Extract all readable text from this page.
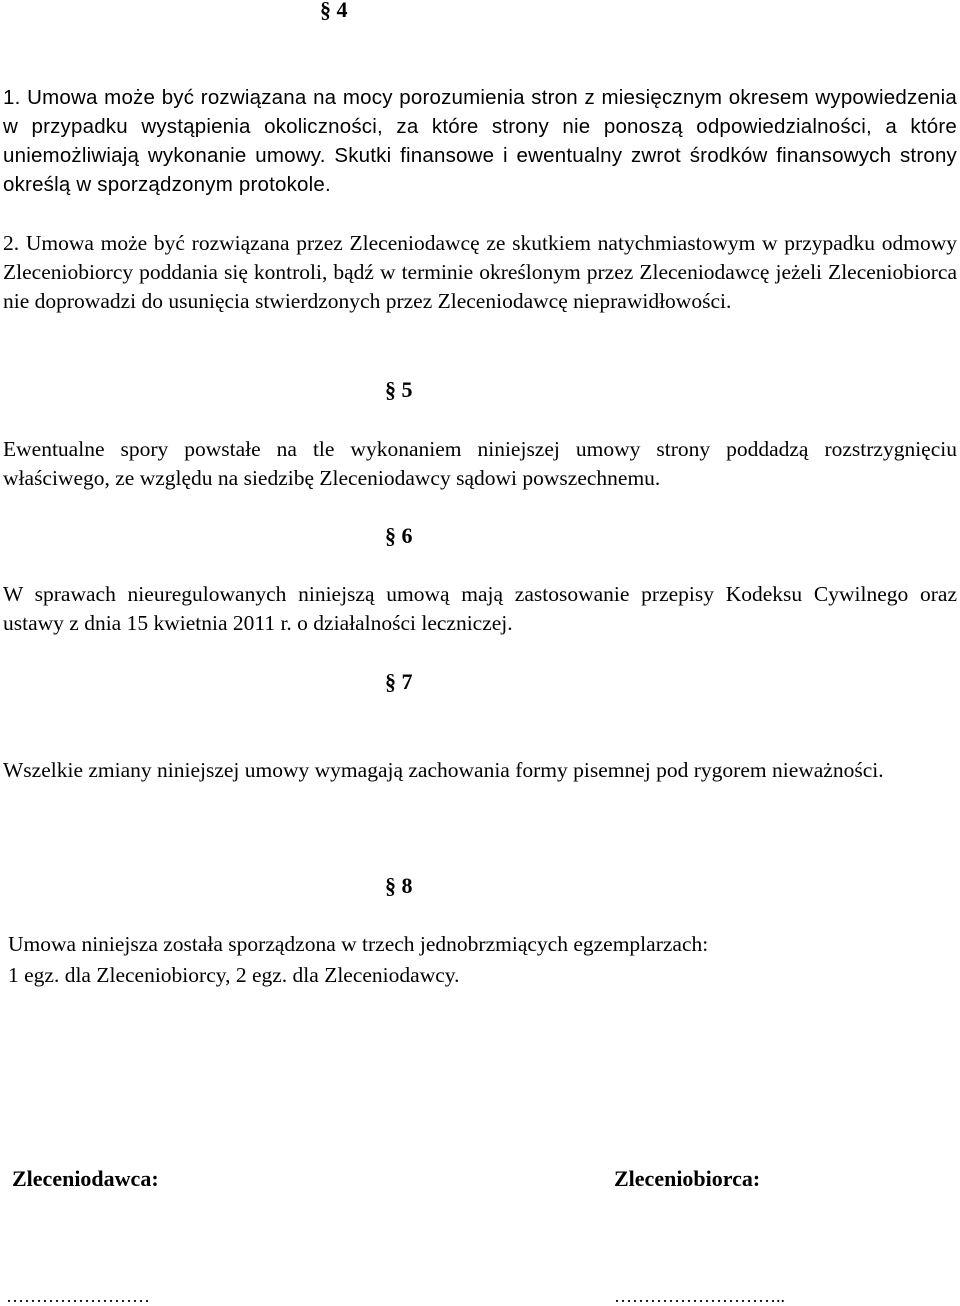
§ 4

1. Umowa może być rozwiązana na mocy porozumienia stron z miesięcznym okresem wypowiedzenia w przypadku wystąpienia okoliczności, za które strony nie ponoszą odpowiedzialności, a które uniemożliwiają wykonanie umowy. Skutki finansowe i ewentualny zwrot środków finansowych strony określą w sporządzonym protokole.

2. Umowa może być rozwiązana przez Zleceniodawcę ze skutkiem natychmiastowym w przypadku odmowy Zleceniobiorcy poddania się kontroli, bądź w terminie określonym przez Zleceniodawcę jeżeli Zleceniobiorca nie doprowadzi do usunięcia stwierdzonych przez Zleceniodawcę nieprawidłowości.

§ 5

Ewentualne spory powstałe na tle wykonaniem niniejszej umowy strony poddadzą rozstrzygnięciu właściwego, ze względu na siedzibę Zleceniodawcy sądowi powszechnemu.

§ 6

W sprawach nieuregulowanych niniejszą umową mają zastosowanie przepisy Kodeksu Cywilnego oraz ustawy z dnia 15 kwietnia 2011 r. o działalności leczniczej.

§ 7

Wszelkie zmiany niniejszej umowy wymagają zachowania formy pisemnej pod rygorem nieważności.

§ 8

Umowa niniejsza została sporządzona w trzech jednobrzmiących egzemplarzach:

1 egz. dla Zleceniobiorcy, 2 egz. dla Zleceniodawcy.

Zleceniodawca:	Zleceniobiorca:
……………………	………………………..
